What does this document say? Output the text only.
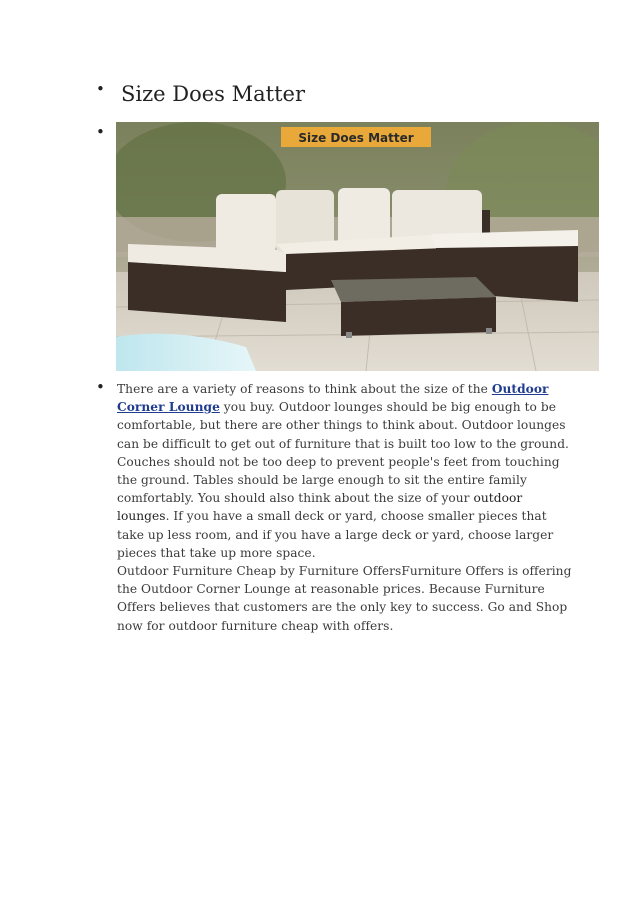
• Size Does Matter
•	Size Does Matter
• There are a variety of reasons to think about the size of the Outdoor Corner Lounge you buy. Outdoor lounges should be big enough to be comfortable, but there are other things to think about. Outdoor lounges can be difficult to get out of furniture that is built too low to the ground.

Couches should not be too deep to prevent people's feet from touching the ground. Tables should be large enough to sit the entire family comfortably. You should also think about the size of your outdoor lounges. If you have a small deck or yard, choose smaller pieces that take up less room, and if you have a large deck or yard, choose larger pieces that take up more space.

Outdoor Furniture Cheap by Furniture OffersFurniture Offers is offering the Outdoor Corner Lounge at reasonable prices. Because Furniture Offers believes that customers are the only key to success. Go and Shop now for outdoor furniture cheap with offers.
